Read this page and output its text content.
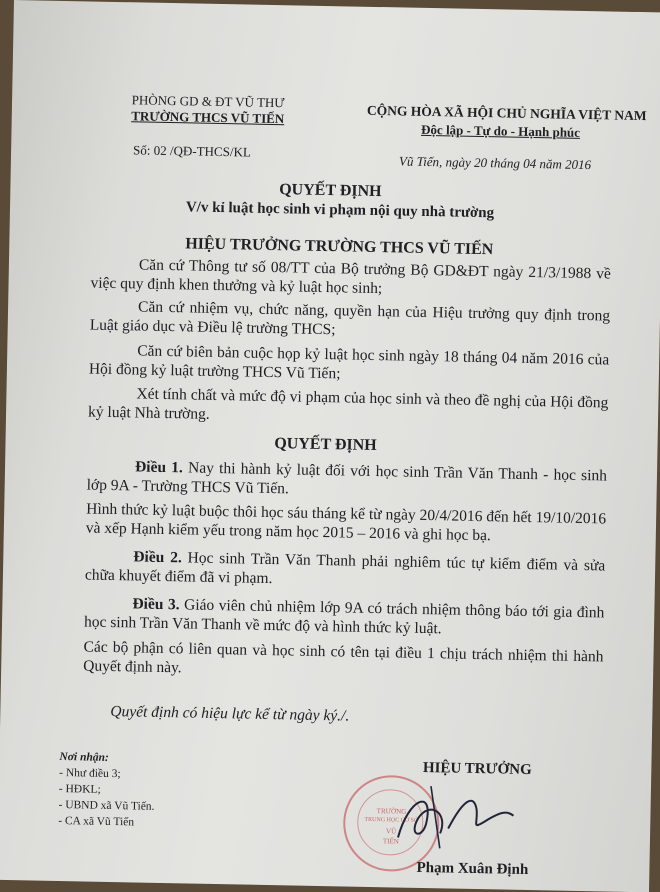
PHÒNG GD & ĐT VŨ THƯ
TRƯỜNG THCS VŨ TIẾN
Số: 02 /QĐ-THCS/KL
CỘNG HÒA XÃ HỘI CHỦ NGHĨA VIỆT NAM
Độc lập - Tự do - Hạnh phúc
Vũ Tiến, ngày 20 tháng 04 năm 2016
QUYẾT ĐỊNH
V/v kỉ luật học sinh vi phạm nội quy nhà trường
HIỆU TRƯỞNG TRƯỜNG THCS VŨ TIẾN
Căn cứ Thông tư số 08/TT của Bộ trưởng Bộ GD&ĐT ngày 21/3/1988 về việc quy định khen thưởng và kỷ luật học sinh;
Căn cứ nhiệm vụ, chức năng, quyền hạn của Hiệu trưởng quy định trong Luật giáo dục và Điều lệ trường THCS;
Căn cứ biên bản cuộc họp kỷ luật học sinh ngày 18 tháng 04 năm 2016 của Hội đồng kỷ luật trường THCS Vũ Tiến;
Xét tính chất và mức độ vi phạm của học sinh và theo đề nghị của Hội đồng kỷ luật Nhà trường.
QUYẾT ĐỊNH
Điều 1. Nay thi hành kỷ luật đối với học sinh Trần Văn Thanh - học sinh lớp 9A - Trường THCS Vũ Tiến.
Hình thức kỷ luật buộc thôi học sáu tháng kể từ ngày 20/4/2016 đến hết 19/10/2016 và xếp Hạnh kiểm yếu trong năm học 2015 – 2016 và ghi học bạ.
Điều 2. Học sinh Trần Văn Thanh phải nghiêm túc tự kiểm điểm và sửa chữa khuyết điểm đã vi phạm.
Điều 3. Giáo viên chủ nhiệm lớp 9A có trách nhiệm thông báo tới gia đình học sinh Trần Văn Thanh về mức độ và hình thức kỷ luật.
Các bộ phận có liên quan và học sinh có tên tại điều 1 chịu trách nhiệm thi hành Quyết định này.
Quyết định có hiệu lực kể từ ngày ký./.
Nơi nhận:
- Như điều 3;
- HĐKL;
- UBND xã Vũ Tiến.
- CA xã Vũ Tiến
HIỆU TRƯỞNG
TRƯỜNG
TRUNG HỌC CƠ SỞ
VŨ
TIẾN
Phạm Xuân Định
